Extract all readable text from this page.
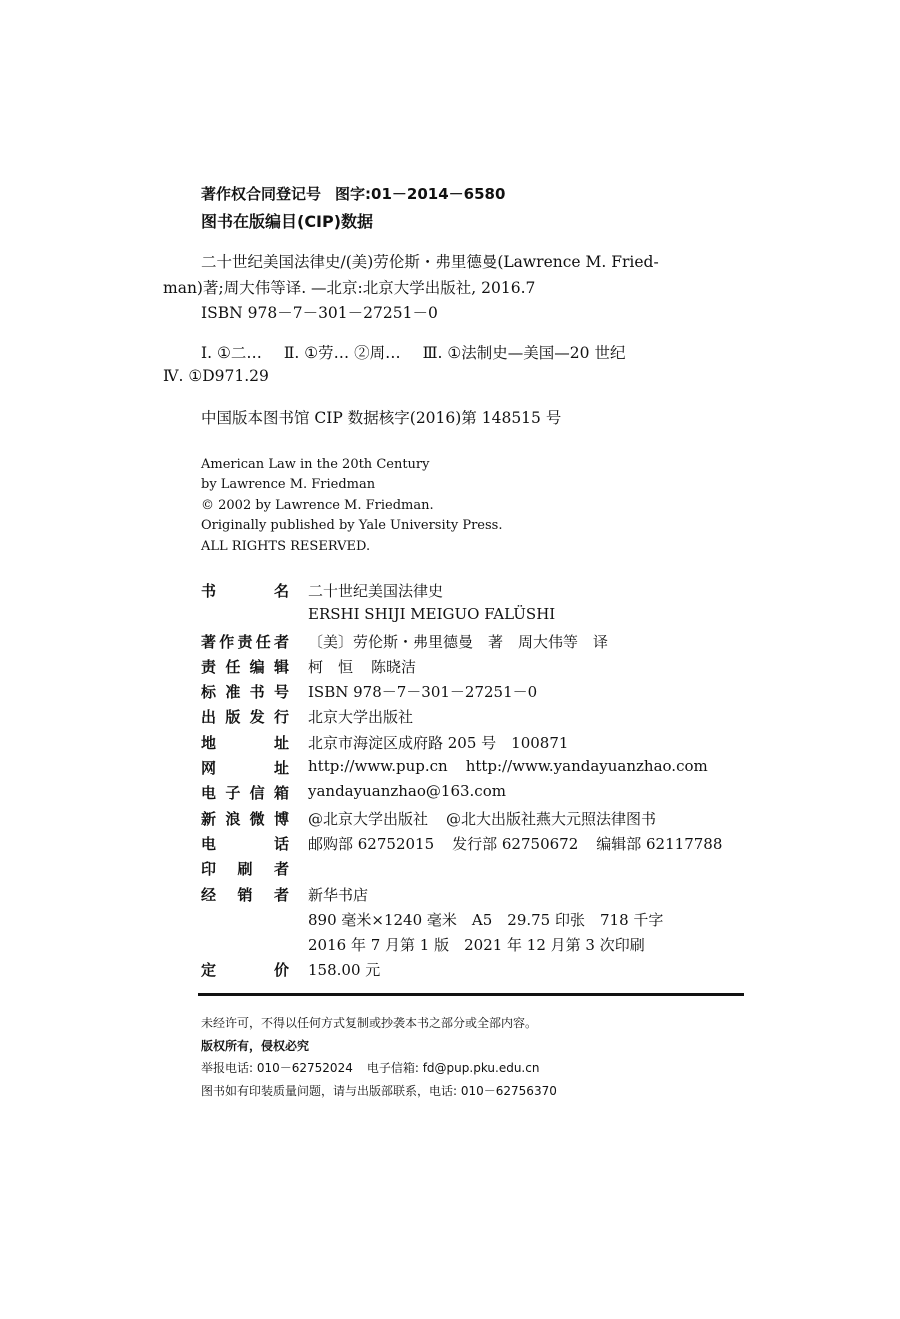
著作权合同登记号 图字:01－2014－6580
图书在版编目(CIP)数据
二十世纪美国法律史/(美)劳伦斯・弗里德曼(Lawrence M. Fried-
man)著;周大伟等译. —北京:北京大学出版社, 2016.7
ISBN 978－7－301－27251－0
Ⅰ. ①二… Ⅱ. ①劳… ②周… Ⅲ. ①法制史—美国—20 世纪
Ⅳ. ①D971.29
中国版本图书馆 CIP 数据核字(2016)第 148515 号
American Law in the 20th Century
by Lawrence M. Friedman
© 2002 by Lawrence M. Friedman.
Originally published by Yale University Press.
ALL RIGHTS RESERVED.
书名 二十世纪美国法律史
ERSHI SHIJI MEIGUO FALÜSHI
著作责任者 〔美〕劳伦斯・弗里德曼　著　周大伟等　译
责任编辑 柯　恒 陈晓洁
标准书号 ISBN 978－7－301－27251－0
出版发行 北京大学出版社
地址 北京市海淀区成府路 205 号　100871
网址 http://www.pup.cn http://www.yandayuanzhao.com
电子信箱 yandayuanzhao@163.com
新浪微博 @北京大学出版社 @北大出版社燕大元照法律图书
电话 邮购部 62752015 发行部 62750672 编辑部 62117788
印刷者
经销者 新华书店
890 毫米×1240 毫米　A5　29.75 印张　718 千字
2016 年 7 月第 1 版　2021 年 12 月第 3 次印刷
定价 158.00 元
未经许可，不得以任何方式复制或抄袭本书之部分或全部内容。
版权所有，侵权必究
举报电话: 010－62752024 电子信箱: fd@pup.pku.edu.cn
图书如有印装质量问题，请与出版部联系，电话: 010－62756370
